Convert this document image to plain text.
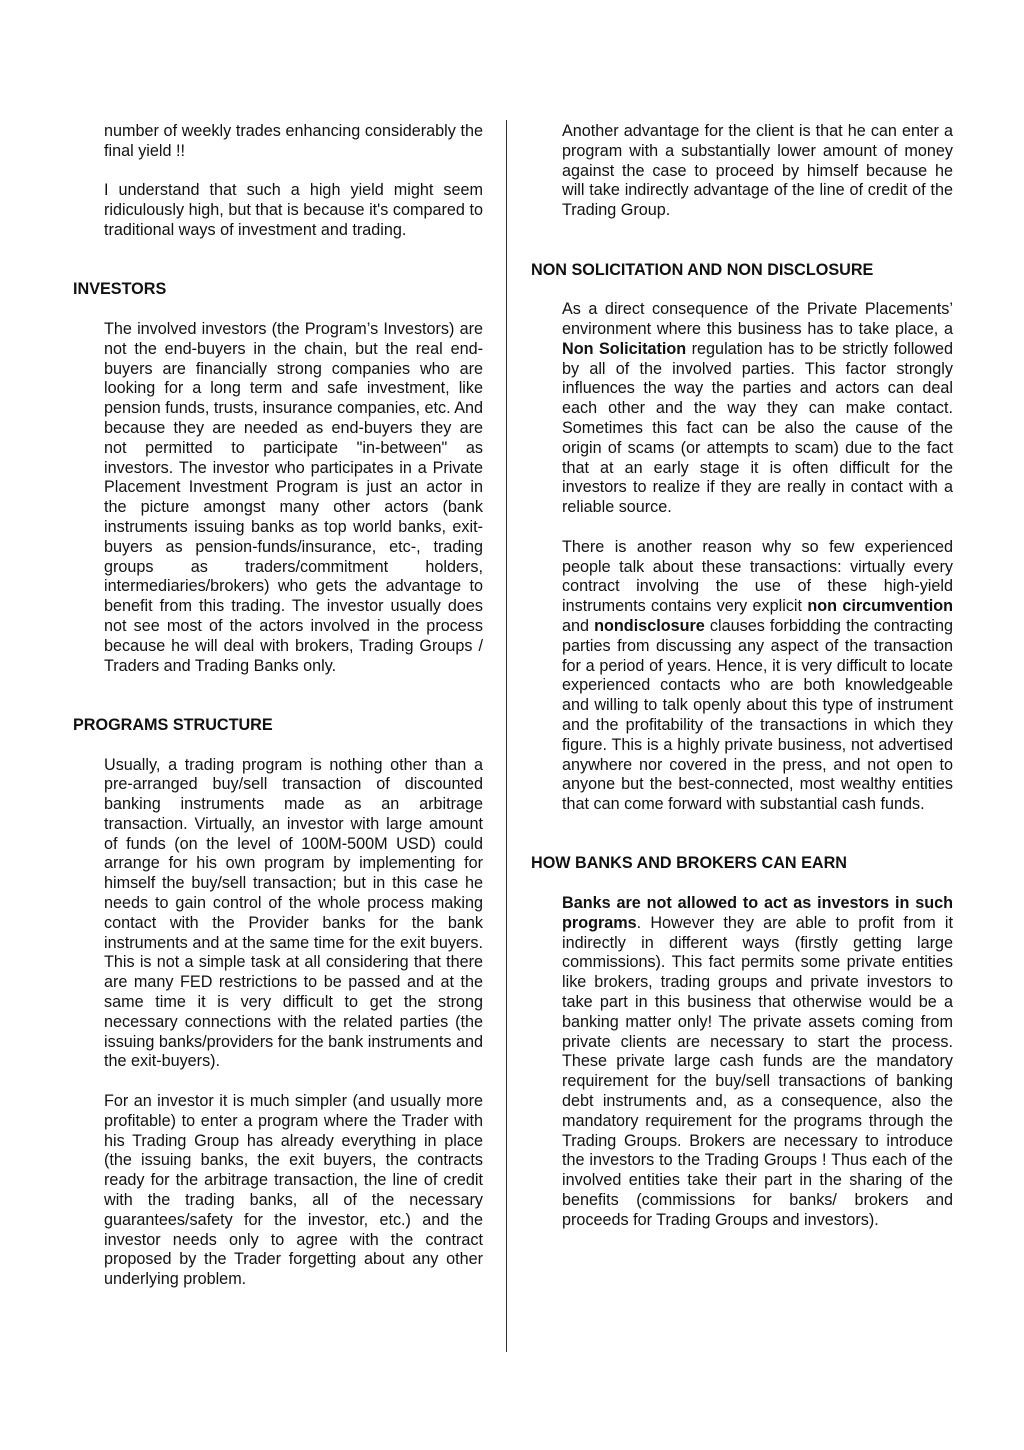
number of weekly trades enhancing considerably the final yield !!

I understand that such a high yield might seem ridiculously high, but that is because it's compared to traditional ways of investment and trading.

INVESTORS

The involved investors (the Program’s Investors) are not the end-buyers in the chain, but the real end-buyers are financially strong companies who are looking for a long term and safe investment, like pension funds, trusts, insurance companies, etc. And because they are needed as end-buyers they are not permitted to participate "in-between" as investors. The investor who participates in a Private Placement Investment Program is just an actor in the picture amongst many other actors (bank instruments issuing banks as top world banks, exit-buyers as pension-funds/insurance, etc-, trading groups as traders/commitment holders, intermediaries/brokers) who gets the advantage to benefit from this trading. The investor usually does not see most of the actors involved in the process because he will deal with brokers, Trading Groups / Traders and Trading Banks only.

PROGRAMS STRUCTURE

Usually, a trading program is nothing other than a pre-arranged buy/sell transaction of discounted banking instruments made as an arbitrage transaction. Virtually, an investor with large amount of funds (on the level of 100M-500M USD) could arrange for his own program by implementing for himself the buy/sell transaction; but in this case he needs to gain control of the whole process making contact with the Provider banks for the bank instruments and at the same time for the exit buyers. This is not a simple task at all considering that there are many FED restrictions to be passed and at the same time it is very difficult to get the strong necessary connections with the related parties (the issuing banks/providers for the bank instruments and the exit-buyers).

For an investor it is much simpler (and usually more profitable) to enter a program where the Trader with his Trading Group has already everything in place (the issuing banks, the exit buyers, the contracts ready for the arbitrage transaction, the line of credit with the trading banks, all of the necessary guarantees/safety for the investor, etc.) and the investor needs only to agree with the contract proposed by the Trader forgetting about any other underlying problem.

Another advantage for the client is that he can enter a program with a substantially lower amount of money against the case to proceed by himself because he will take indirectly advantage of the line of credit of the Trading Group.

NON SOLICITATION AND NON DISCLOSURE

As a direct consequence of the Private Placements’ environment where this business has to take place, a Non Solicitation regulation has to be strictly followed by all of the involved parties. This factor strongly influences the way the parties and actors can deal each other and the way they can make contact. Sometimes this fact can be also the cause of the origin of scams (or attempts to scam) due to the fact that at an early stage it is often difficult for the investors to realize if they are really in contact with a reliable source.

There is another reason why so few experienced people talk about these transactions: virtually every contract involving the use of these high-yield instruments contains very explicit non circumvention and nondisclosure clauses forbidding the contracting parties from discussing any aspect of the transaction for a period of years. Hence, it is very difficult to locate experienced contacts who are both knowledgeable and willing to talk openly about this type of instrument and the profitability of the transactions in which they figure. This is a highly private business, not advertised anywhere nor covered in the press, and not open to anyone but the best-connected, most wealthy entities that can come forward with substantial cash funds.

HOW BANKS AND BROKERS CAN EARN

Banks are not allowed to act as investors in such programs. However they are able to profit from it indirectly in different ways (firstly getting large commissions). This fact permits some private entities like brokers, trading groups and private investors to take part in this business that otherwise would be a banking matter only! The private assets coming from private clients are necessary to start the process. These private large cash funds are the mandatory requirement for the buy/sell transactions of banking debt instruments and, as a consequence, also the mandatory requirement for the programs through the Trading Groups. Brokers are necessary to introduce the investors to the Trading Groups ! Thus each of the involved entities take their part in the sharing of the benefits (commissions for banks/ brokers and proceeds for Trading Groups and investors).
